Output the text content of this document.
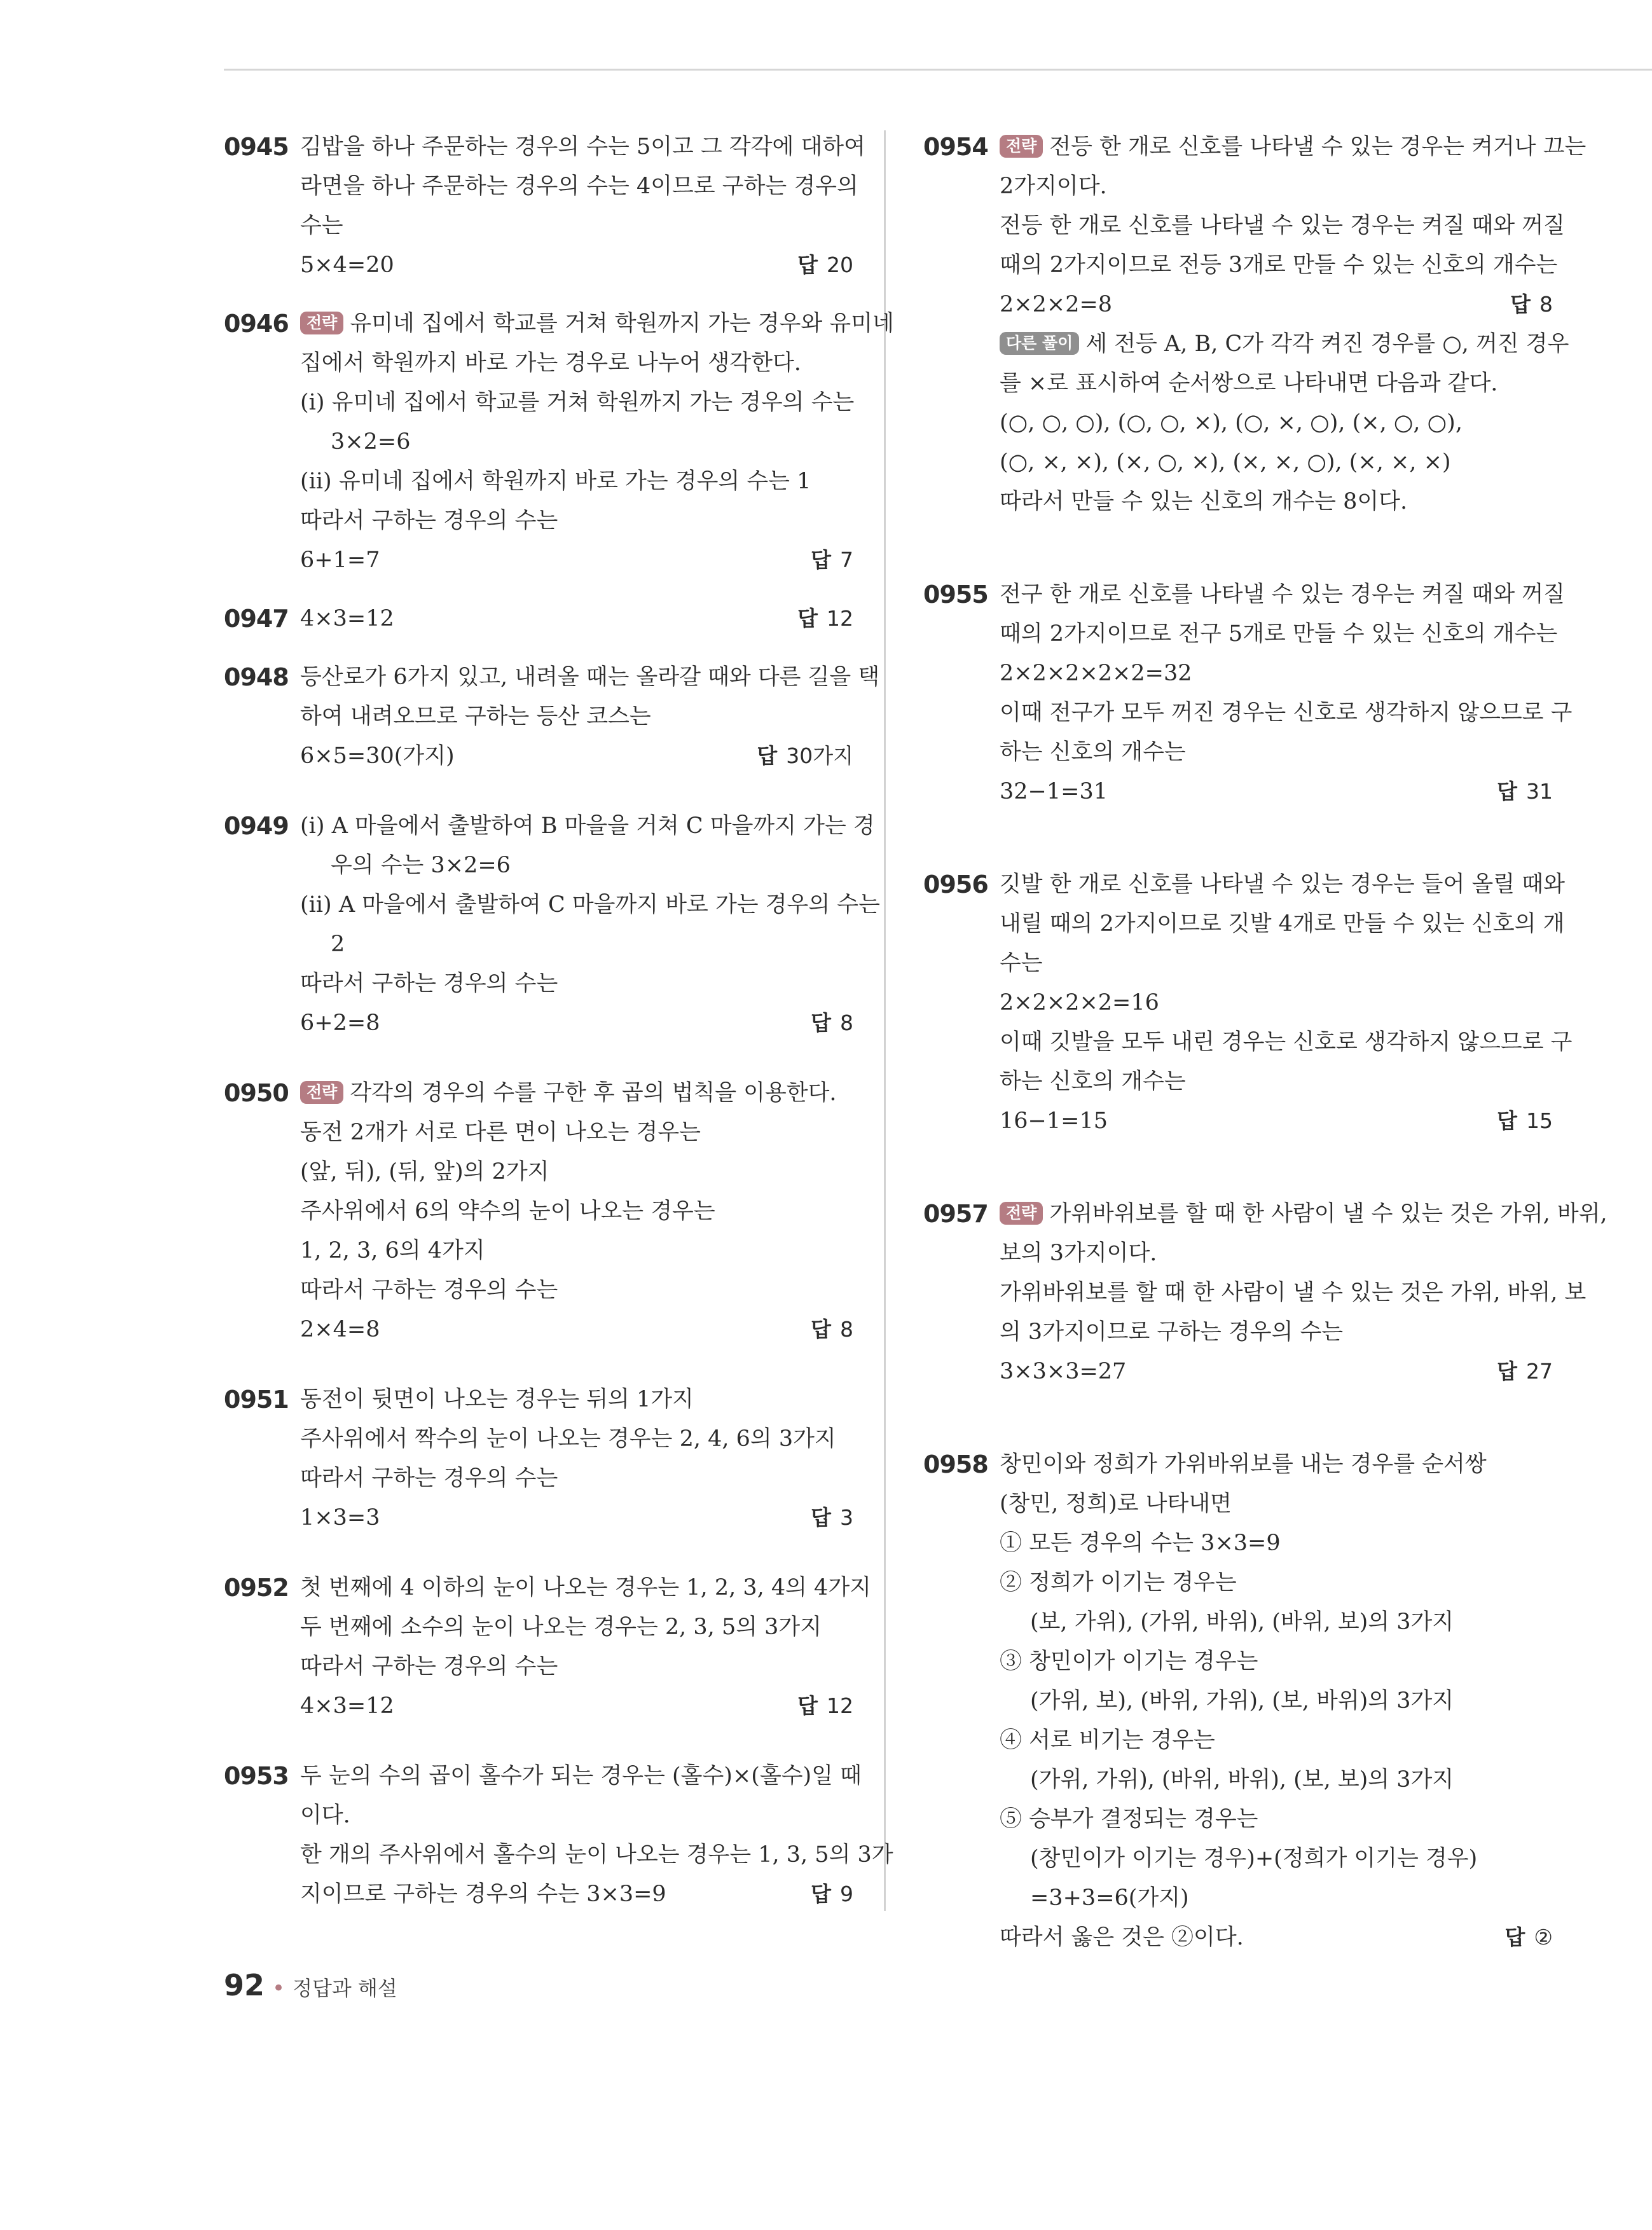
0945 김밥을 하나 주문하는 경우의 수는 5이고 그 각각에 대하여
라면을 하나 주문하는 경우의 수는 4이므로 구하는 경우의
수는
5×4=20	답 20
0946	전략 유미네 집에서 학교를 거쳐 학원까지 가는 경우와 유미네
집에서 학원까지 바로 가는 경우로 나누어 생각한다.
(ⅰ) 유미네 집에서 학교를 거쳐 학원까지 가는 경우의 수는
3×2=6
(ⅱ) 유미네 집에서 학원까지 바로 가는 경우의 수는 1
따라서 구하는 경우의 수는
6+1=7	답 7
0947 4×3=12	답 12
0948 등산로가 6가지 있고, 내려올 때는 올라갈 때와 다른 길을 택
하여 내려오므로 구하는 등산 코스는
6×5=30(가지)	답 30가지
0949 (ⅰ) A 마을에서 출발하여 B 마을을 거쳐 C 마을까지 가는 경
우의 수는 3×2=6
(ⅱ) A 마을에서 출발하여 C 마을까지 바로 가는 경우의 수는
2
따라서 구하는 경우의 수는
6+2=8	답 8
0950	전략 각각의 경우의 수를 구한 후 곱의 법칙을 이용한다.
동전 2개가 서로 다른 면이 나오는 경우는
(앞, 뒤), (뒤, 앞)의 2가지
주사위에서 6의 약수의 눈이 나오는 경우는
1, 2, 3, 6의 4가지
따라서 구하는 경우의 수는
2×4=8	답 8
0951 동전이 뒷면이 나오는 경우는 뒤의 1가지
주사위에서 짝수의 눈이 나오는 경우는 2, 4, 6의 3가지
따라서 구하는 경우의 수는
1×3=3	답 3
0952 첫 번째에 4 이하의 눈이 나오는 경우는 1, 2, 3, 4의 4가지
두 번째에 소수의 눈이 나오는 경우는 2, 3, 5의 3가지
따라서 구하는 경우의 수는
4×3=12	답 12
0953 두 눈의 수의 곱이 홀수가 되는 경우는 (홀수)×(홀수)일 때
이다.
한 개의 주사위에서 홀수의 눈이 나오는 경우는 1, 3, 5의 3가
지이므로 구하는 경우의 수는 3×3=9	답 9
0954	전략 전등 한 개로 신호를 나타낼 수 있는 경우는 켜거나 끄는
2가지이다.
전등 한 개로 신호를 나타낼 수 있는 경우는 켜질 때와 꺼질
때의 2가지이므로 전등 3개로 만들 수 있는 신호의 개수는
2×2×2=8	답 8
다른 풀이 세 전등 A, B, C가 각각 켜진 경우를 ○, 꺼진 경우
를 ×로 표시하여 순서쌍으로 나타내면 다음과 같다.
(○, ○, ○), (○, ○, ×), (○, ×, ○), (×, ○, ○),
(○, ×, ×), (×, ○, ×), (×, ×, ○), (×, ×, ×)
따라서 만들 수 있는 신호의 개수는 8이다.
0955 전구 한 개로 신호를 나타낼 수 있는 경우는 켜질 때와 꺼질
때의 2가지이므로 전구 5개로 만들 수 있는 신호의 개수는
2×2×2×2×2=32
이때 전구가 모두 꺼진 경우는 신호로 생각하지 않으므로 구
하는 신호의 개수는
32−1=31	답 31
0956 깃발 한 개로 신호를 나타낼 수 있는 경우는 들어 올릴 때와
내릴 때의 2가지이므로 깃발 4개로 만들 수 있는 신호의 개
수는
2×2×2×2=16
이때 깃발을 모두 내린 경우는 신호로 생각하지 않으므로 구
하는 신호의 개수는
16−1=15	답 15
0957	전략 가위바위보를 할 때 한 사람이 낼 수 있는 것은 가위, 바위,
보의 3가지이다.
가위바위보를 할 때 한 사람이 낼 수 있는 것은 가위, 바위, 보
의 3가지이므로 구하는 경우의 수는
3×3×3=27	답 27
0958 창민이와 정희가 가위바위보를 내는 경우를 순서쌍
(창민, 정희)로 나타내면
① 모든 경우의 수는 3×3=9
② 정희가 이기는 경우는
(보, 가위), (가위, 바위), (바위, 보)의 3가지
③ 창민이가 이기는 경우는
(가위, 보), (바위, 가위), (보, 바위)의 3가지
④ 서로 비기는 경우는
(가위, 가위), (바위, 바위), (보, 보)의 3가지
⑤ 승부가 결정되는 경우는
(창민이가 이기는 경우)+(정희가 이기는 경우)
=3+3=6(가지)
따라서 옳은 것은 ②이다.	답 ②
92 • 정답과 해설
